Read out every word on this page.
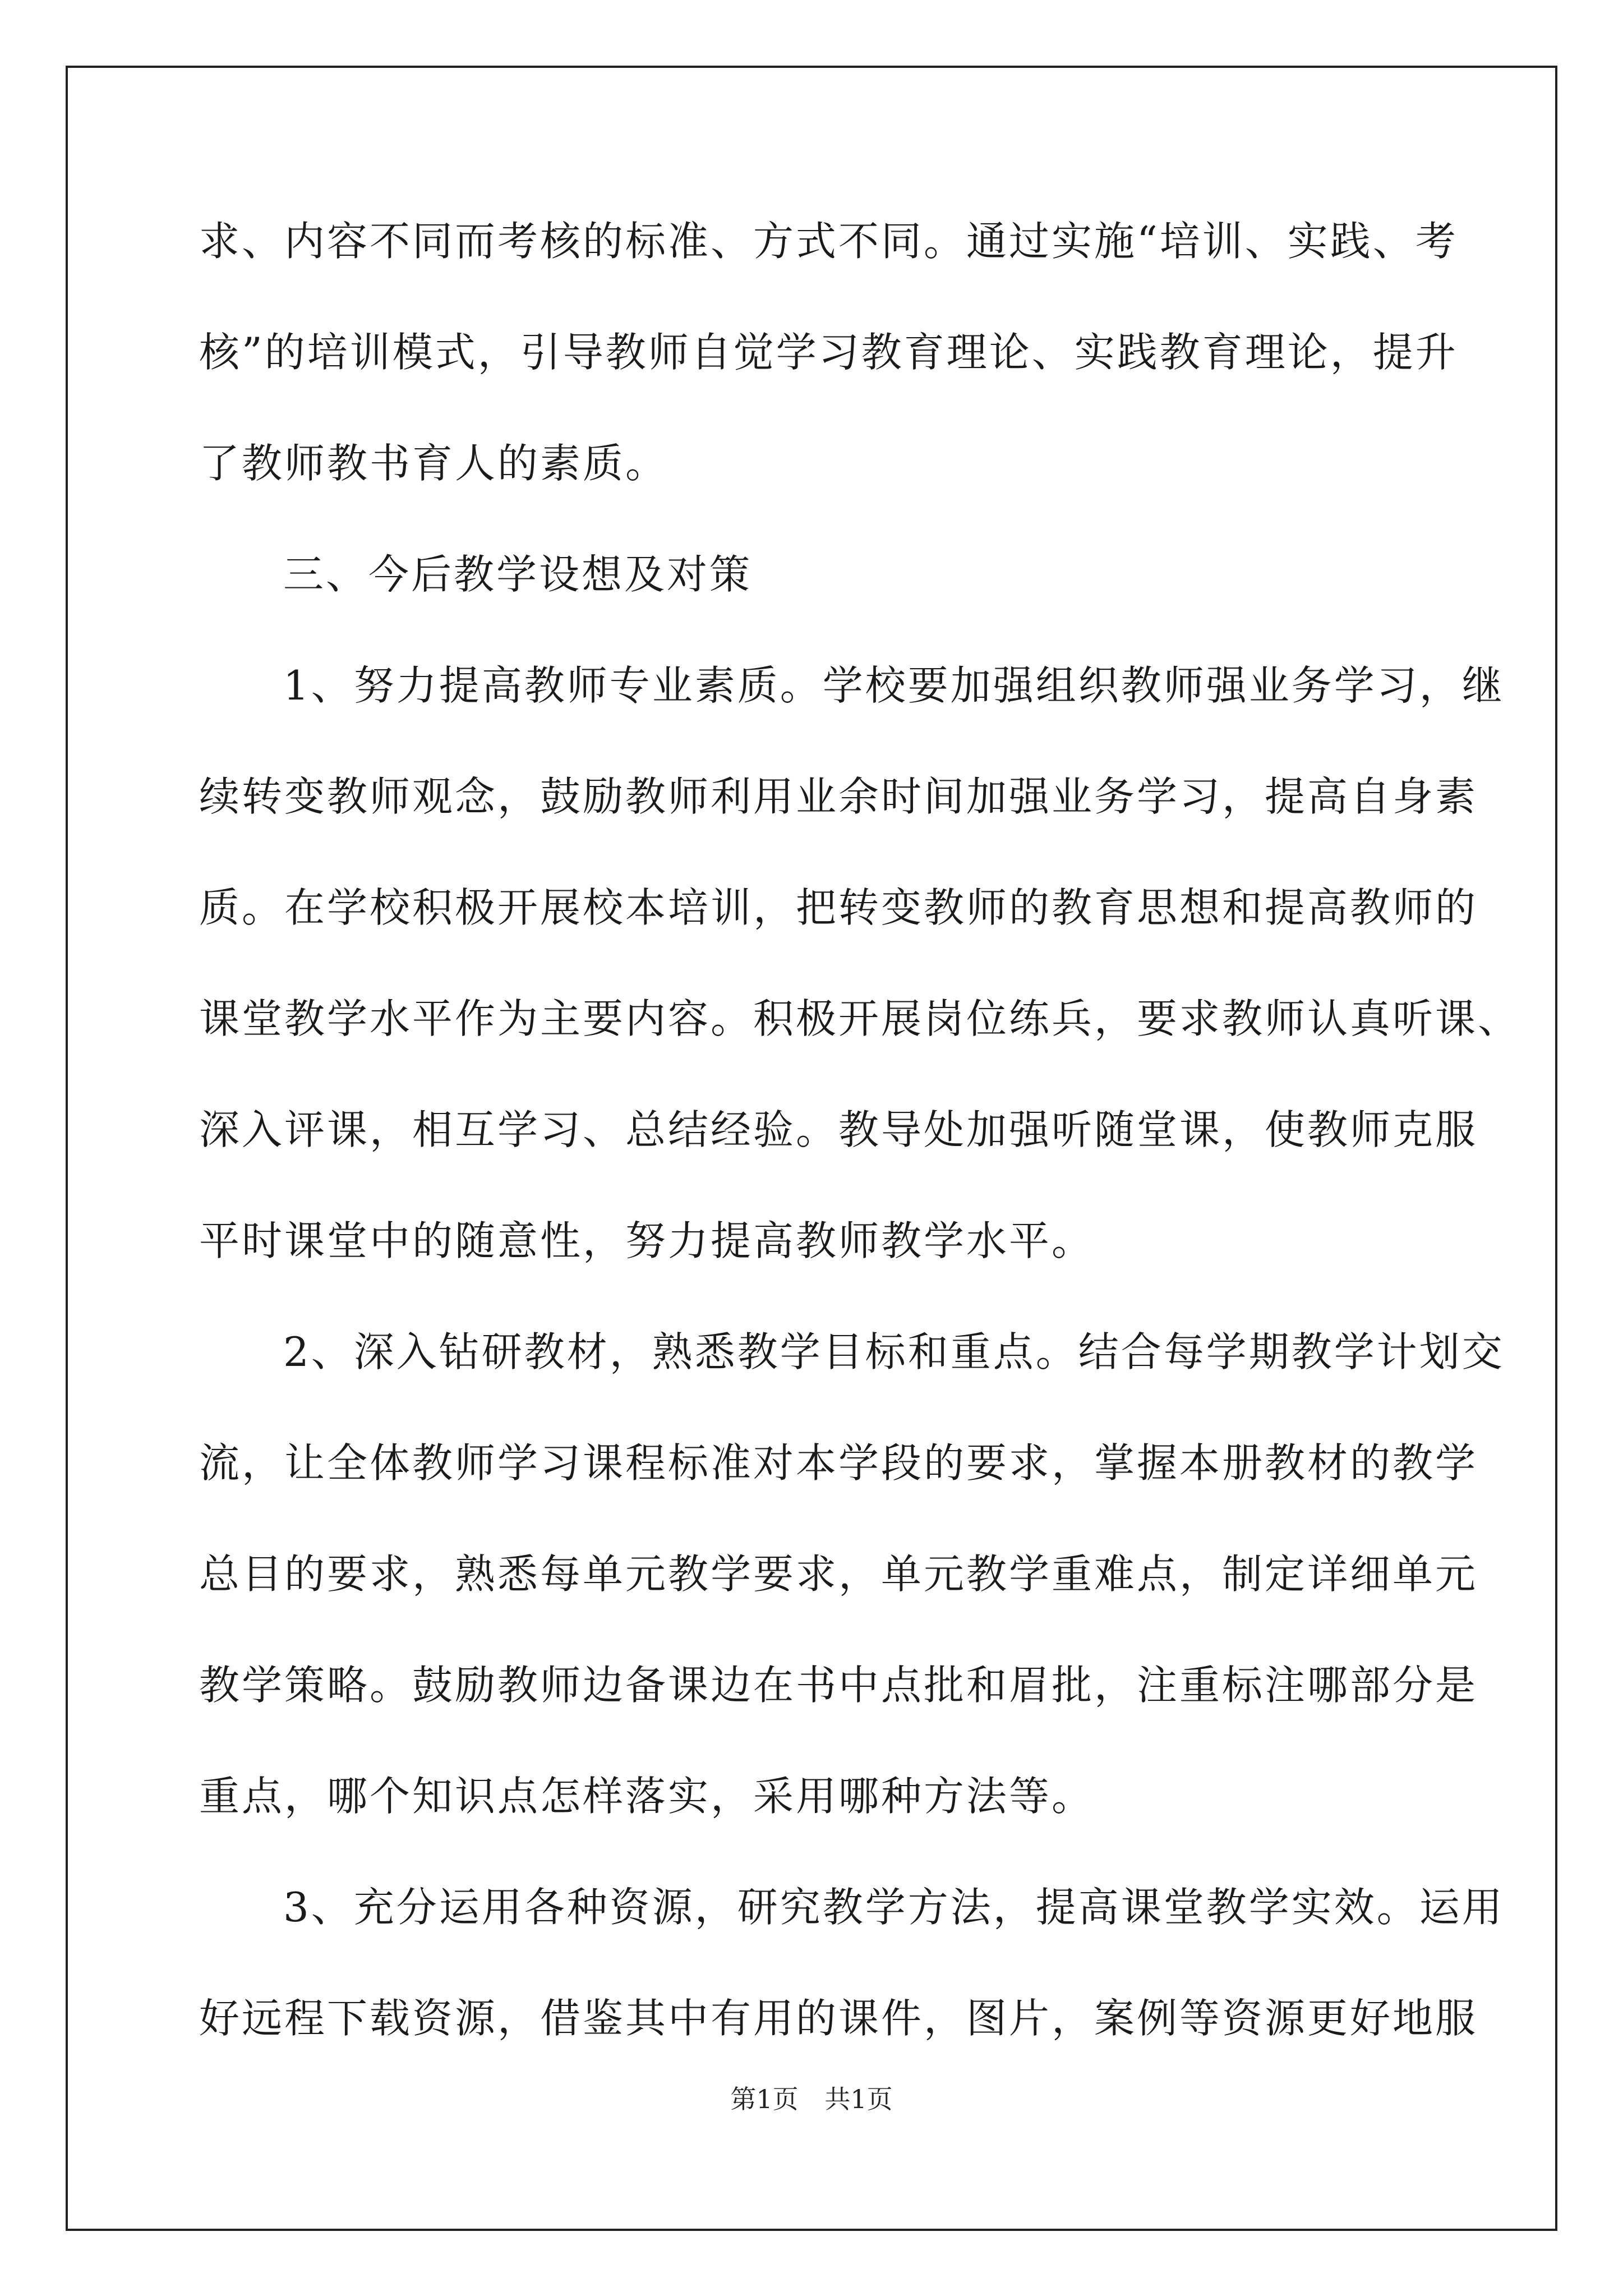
求、内容不同而考核的标准、方式不同。通过实施“培训、实践、考
核”的培训模式，引导教师自觉学习教育理论、实践教育理论，提升
了教师教书育人的素质。
三、今后教学设想及对策
1、努力提高教师专业素质。学校要加强组织教师强业务学习，继
续转变教师观念，鼓励教师利用业余时间加强业务学习，提高自身素
质。在学校积极开展校本培训，把转变教师的教育思想和提高教师的
课堂教学水平作为主要内容。积极开展岗位练兵，要求教师认真听课、
深入评课，相互学习、总结经验。教导处加强听随堂课，使教师克服
平时课堂中的随意性，努力提高教师教学水平。
2、深入钻研教材，熟悉教学目标和重点。结合每学期教学计划交
流，让全体教师学习课程标准对本学段的要求，掌握本册教材的教学
总目的要求，熟悉每单元教学要求，单元教学重难点，制定详细单元
教学策略。鼓励教师边备课边在书中点批和眉批，注重标注哪部分是
重点，哪个知识点怎样落实，采用哪种方法等。
3、充分运用各种资源，研究教学方法，提高课堂教学实效。运用
好远程下载资源，借鉴其中有用的课件，图片，案例等资源更好地服
第1页 共1页
